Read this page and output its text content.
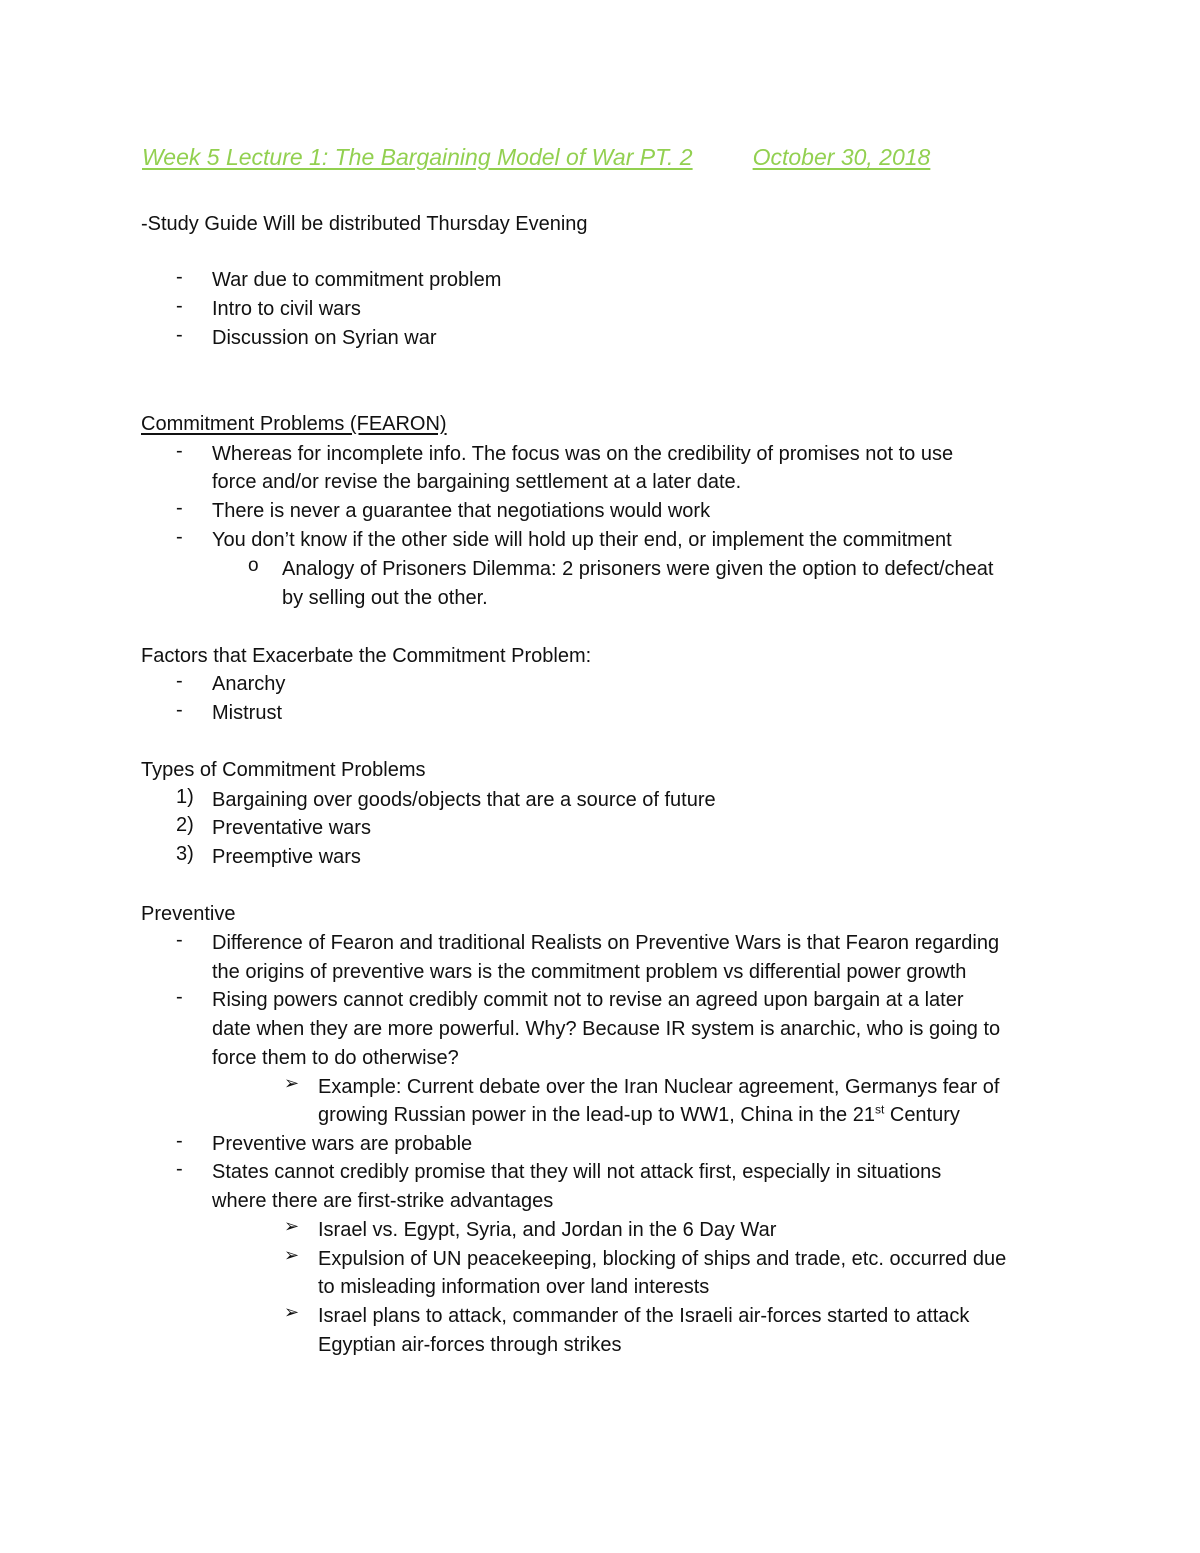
Week 5 Lecture 1: The Bargaining Model of War PT. 2	October 30, 2018
-Study Guide Will be distributed Thursday Evening
- War due to commitment problem
- Intro to civil wars
- Discussion on Syrian war
Commitment Problems (FEARON)
- Whereas for incomplete info. The focus was on the credibility of promises not to use
force and/or revise the bargaining settlement at a later date.
- There is never a guarantee that negotiations would work
- You don’t know if the other side will hold up their end, or implement the commitment
o Analogy of Prisoners Dilemma: 2 prisoners were given the option to defect/cheat
by selling out the other.
Factors that Exacerbate the Commitment Problem:
- Anarchy
- Mistrust
Types of Commitment Problems
1) Bargaining over goods/objects that are a source of future
2) Preventative wars
3) Preemptive wars
Preventive
- Difference of Fearon and traditional Realists on Preventive Wars is that Fearon regarding
the origins of preventive wars is the commitment problem vs differential power growth
- Rising powers cannot credibly commit not to revise an agreed upon bargain at a later
date when they are more powerful. Why? Because IR system is anarchic, who is going to
force them to do otherwise?
➢ Example: Current debate over the Iran Nuclear agreement, Germanys fear of
growing Russian power in the lead-up to WW1, China in the 21st Century
- Preventive wars are probable
- States cannot credibly promise that they will not attack first, especially in situations
where there are first-strike advantages
➢ Israel vs. Egypt, Syria, and Jordan in the 6 Day War
➢ Expulsion of UN peacekeeping, blocking of ships and trade, etc. occurred due
to misleading information over land interests
➢ Israel plans to attack, commander of the Israeli air-forces started to attack
Egyptian air-forces through strikes
